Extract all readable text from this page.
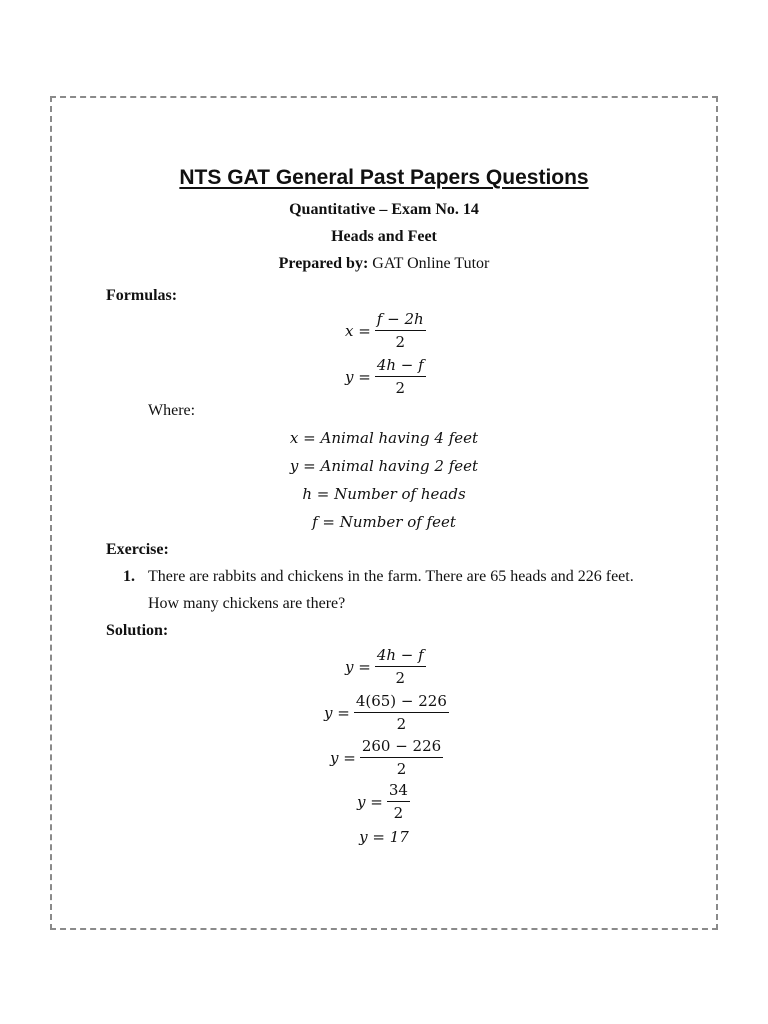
NTS GAT General Past Papers Questions
Quantitative – Exam No. 14
Heads and Feet
Prepared by: GAT Online Tutor
Formulas:
$x = \frac{f - 2h}{2}$
$y = \frac{4h - f}{2}$
Where:
x = Animal having 4 feet
y = Animal having 2 feet
h = Number of heads
f = Number of feet
Exercise:
1. There are rabbits and chickens in the farm. There are 65 heads and 226 feet.
How many chickens are there?
Solution:
$y = \frac{4h - f}{2}$
$y = \frac{4(65) - 226}{2}$
$y = \frac{260 - 226}{2}$
$y = \frac{34}{2}$
y = 17
